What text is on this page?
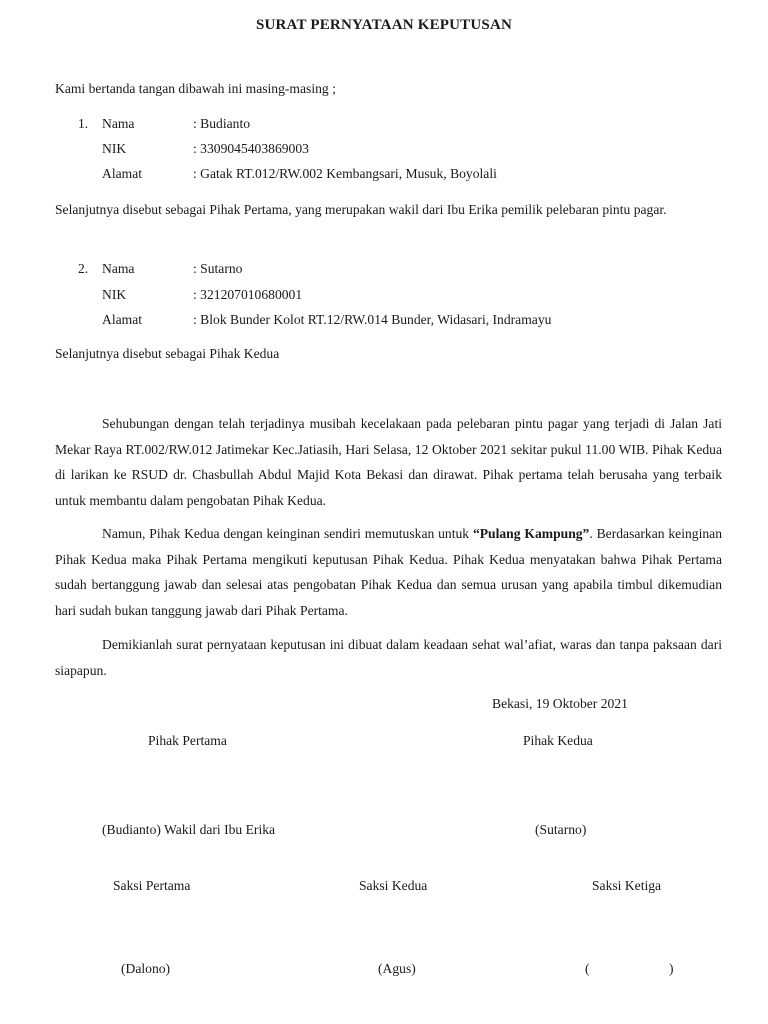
SURAT PERNYATAAN KEPUTUSAN
Kami bertanda tangan dibawah ini masing-masing ;
1. Nama	: Budianto
NIK	: 3309045403869003
Alamat	: Gatak RT.012/RW.002 Kembangsari, Musuk, Boyolali
Selanjutnya disebut sebagai Pihak Pertama, yang merupakan wakil dari Ibu Erika pemilik pelebaran pintu pagar.
2. Nama	: Sutarno
NIK	: 321207010680001
Alamat	: Blok Bunder Kolot RT.12/RW.014 Bunder, Widasari, Indramayu
Selanjutnya disebut sebagai Pihak Kedua
Sehubungan dengan telah terjadinya musibah kecelakaan pada pelebaran pintu pagar yang terjadi di Jalan Jati Mekar Raya RT.002/RW.012 Jatimekar Kec.Jatiasih, Hari Selasa, 12 Oktober 2021 sekitar pukul 11.00 WIB. Pihak Kedua di larikan ke RSUD dr. Chasbullah Abdul Majid Kota Bekasi dan dirawat. Pihak pertama telah berusaha yang terbaik untuk membantu dalam pengobatan Pihak Kedua.
Namun, Pihak Kedua dengan keinginan sendiri memutuskan untuk “Pulang Kampung”. Berdasarkan keinginan Pihak Kedua maka Pihak Pertama mengikuti keputusan Pihak Kedua. Pihak Kedua menyatakan bahwa Pihak Pertama sudah bertanggung jawab dan selesai atas pengobatan Pihak Kedua dan semua urusan yang apabila timbul dikemudian hari sudah bukan tanggung jawab dari Pihak Pertama.
Demikianlah surat pernyataan keputusan ini dibuat dalam keadaan sehat wal’afiat, waras dan tanpa paksaan dari siapapun.
Bekasi, 19 Oktober 2021
Pihak Pertama	Pihak Kedua
(Budianto) Wakil dari Ibu Erika	(Sutarno)
Saksi Pertama	Saksi Kedua	Saksi Ketiga
(Dalono)	(Agus)	(	)
